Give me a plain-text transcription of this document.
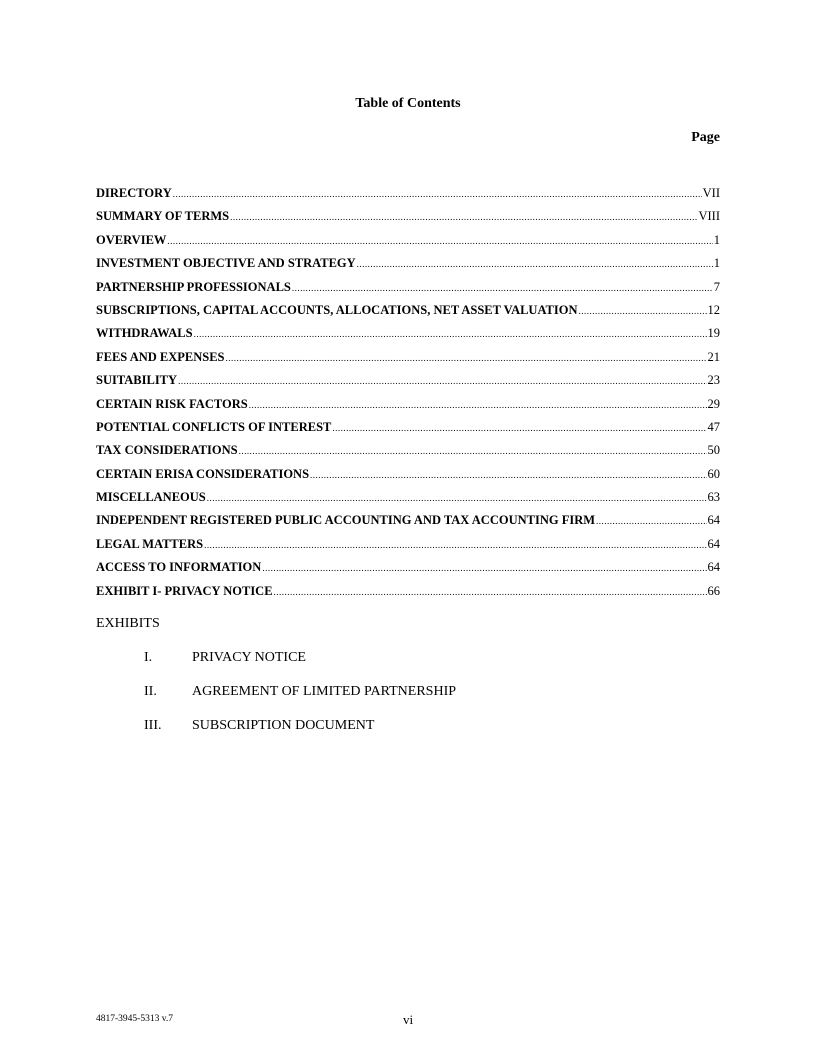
Table of Contents
Page
DIRECTORY .....	VII
SUMMARY OF TERMS .....	VIII
OVERVIEW .....	1
INVESTMENT OBJECTIVE AND STRATEGY .....	1
PARTNERSHIP PROFESSIONALS .....	7
SUBSCRIPTIONS, CAPITAL ACCOUNTS, ALLOCATIONS, NET ASSET VALUATION .....	12
WITHDRAWALS .....	19
FEES AND EXPENSES .....	21
SUITABILITY .....	23
CERTAIN RISK FACTORS .....	29
POTENTIAL CONFLICTS OF INTEREST .....	47
TAX CONSIDERATIONS .....	50
CERTAIN ERISA CONSIDERATIONS .....	60
MISCELLANEOUS .....	63
INDEPENDENT REGISTERED PUBLIC ACCOUNTING AND TAX ACCOUNTING FIRM .....	64
LEGAL MATTERS .....	64
ACCESS TO INFORMATION .....	64
EXHIBIT I- PRIVACY NOTICE .....	66
EXHIBITS
I.	PRIVACY NOTICE
II.	AGREEMENT OF LIMITED PARTNERSHIP
III.	SUBSCRIPTION DOCUMENT
4817-3945-5313 v.7	vi
